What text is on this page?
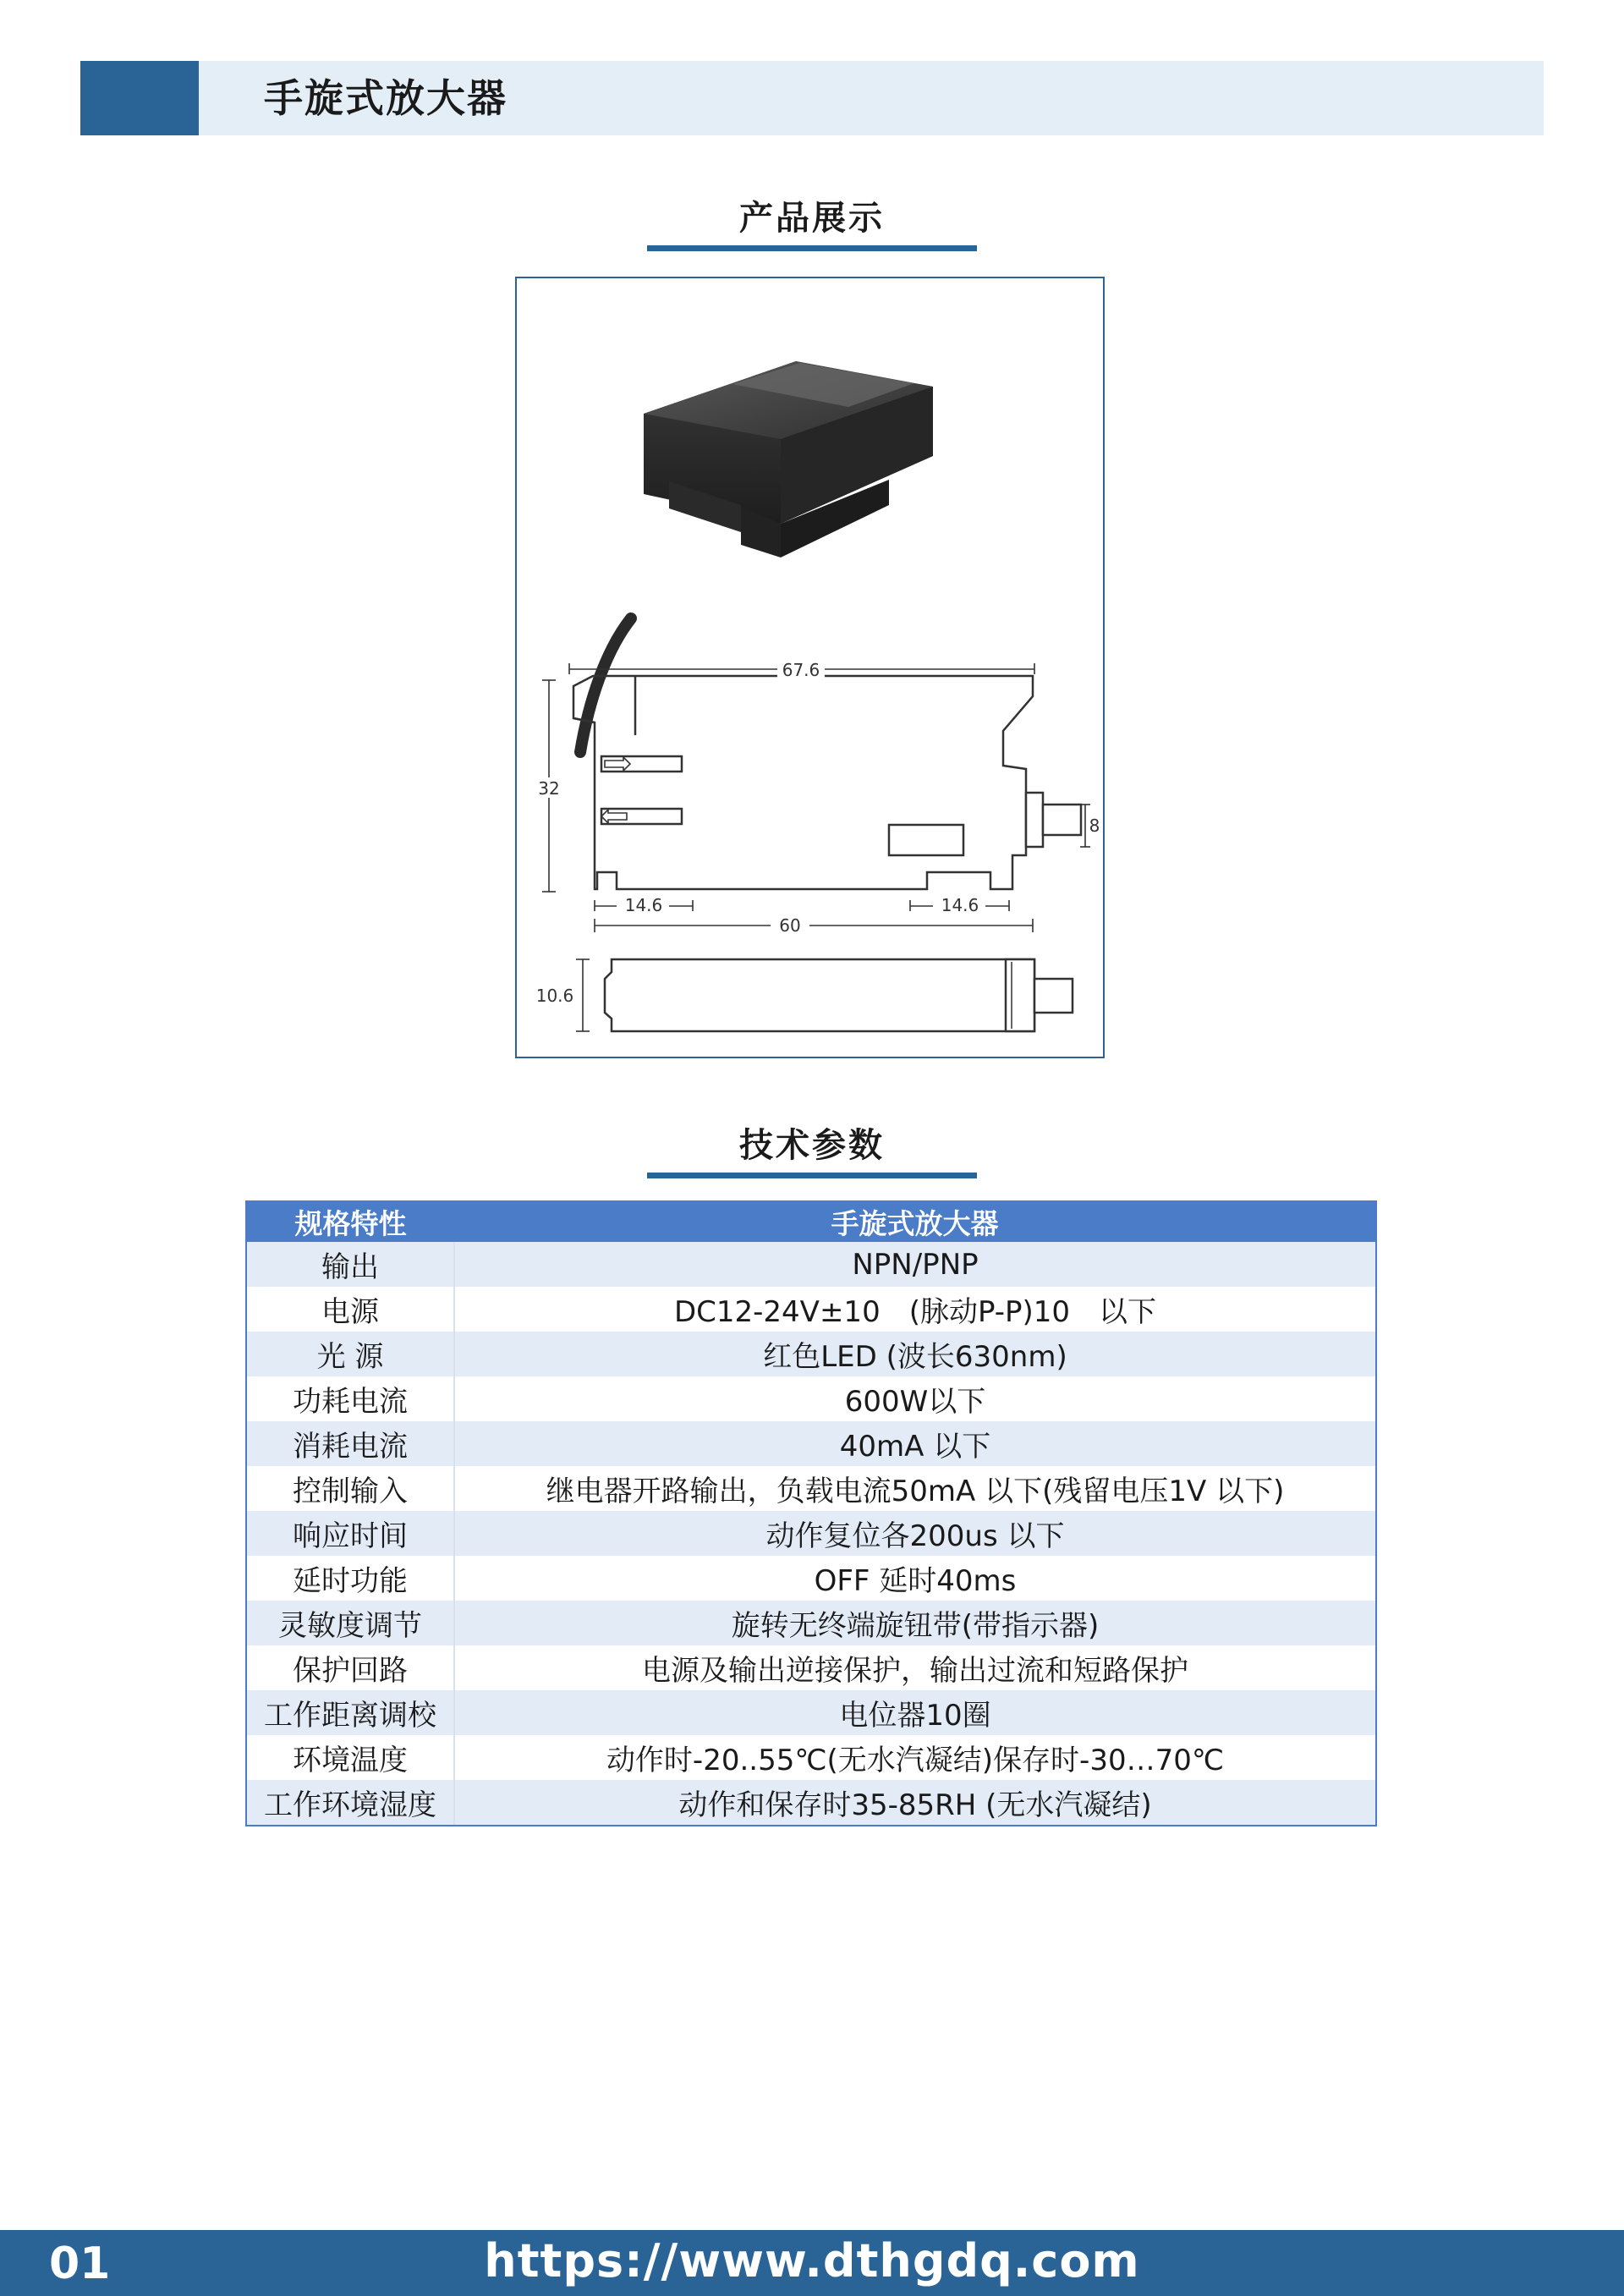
手旋式放大器
产品展示
67.6
32
8
14.6	14.6
60
10.6
技术参数
规格特性	手旋式放大器
输出	NPN/PNP
电源	DC12-24V±10　(脉动P-P)10　以下
光 源	红色LED (波长630nm)
功耗电流	600W以下
消耗电流	40mA 以下
控制输入	继电器开路输出，负载电流50mA 以下(残留电压1V 以下)
响应时间	动作复位各200us 以下
延时功能	OFF 延时40ms
灵敏度调节	旋转无终端旋钮带(带指示器)
保护回路	电源及输出逆接保护，输出过流和短路保护
工作距离调校	电位器10圈
环境温度	动作时-20..55℃(无水汽凝结)保存时-30…70℃
工作环境湿度	动作和保存时35-85RH (无水汽凝结)
01	https://www.dthgdq.com
